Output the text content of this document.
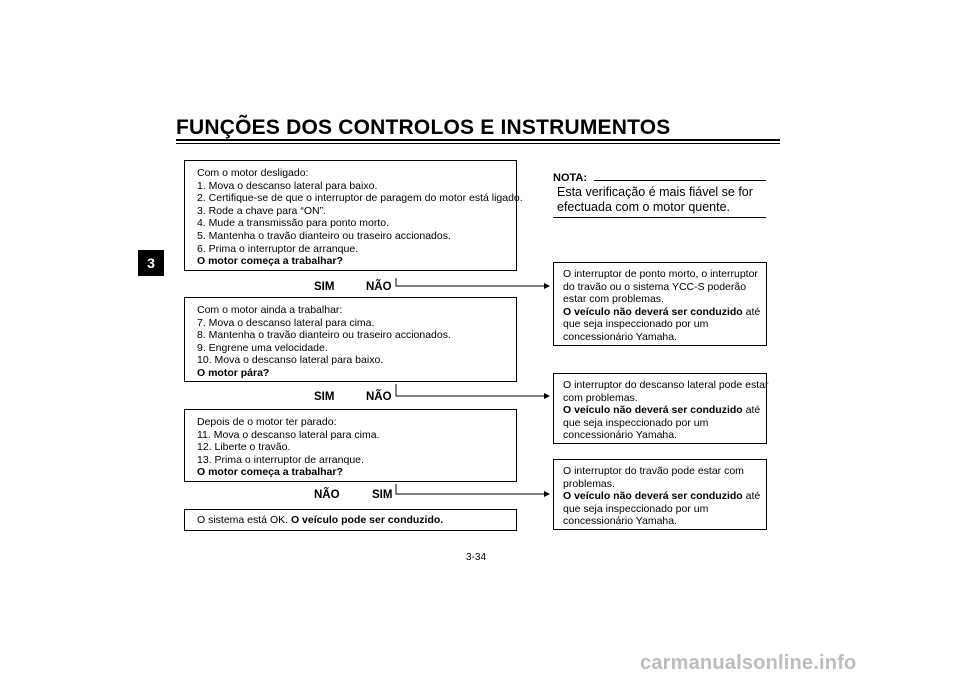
FUNÇÕES DOS CONTROLOS E INSTRUMENTOS
3
Com o motor desligado:
1. Mova o descanso lateral para baixo.
2. Certifique-se de que o interruptor de paragem do motor está ligado.
3. Rode a chave para “ON”.
4. Mude a transmissão para ponto morto.
5. Mantenha o travão dianteiro ou traseiro accionados.
6. Prima o interruptor de arranque.
O motor começa a trabalhar?
SIM	NÃO
Com o motor ainda a trabalhar:
7. Mova o descanso lateral para cima.
8. Mantenha o travão dianteiro ou traseiro accionados.
9. Engrene uma velocidade.
10. Mova o descanso lateral para baixo.
O motor pára?
SIM	NÃO
Depois de o motor ter parado:
11. Mova o descanso lateral para cima.
12. Liberte o travão.
13. Prima o interruptor de arranque.
O motor começa a trabalhar?
NÃO	SIM
O sistema está OK. O veículo pode ser conduzido.
NOTA:
Esta verificação é mais fiável se for
efectuada com o motor quente.
O interruptor de ponto morto, o interruptor
do travão ou o sistema YCC-S poderão
estar com problemas.
O veículo não deverá ser conduzido até
que seja inspeccionado por um
concessionário Yamaha.
O interruptor do descanso lateral pode estar
com problemas.
O veículo não deverá ser conduzido até
que seja inspeccionado por um
concessionário Yamaha.
O interruptor do travão pode estar com
problemas.
O veículo não deverá ser conduzido até
que seja inspeccionado por um
concessionário Yamaha.
3-34
carmanualsonline.info
